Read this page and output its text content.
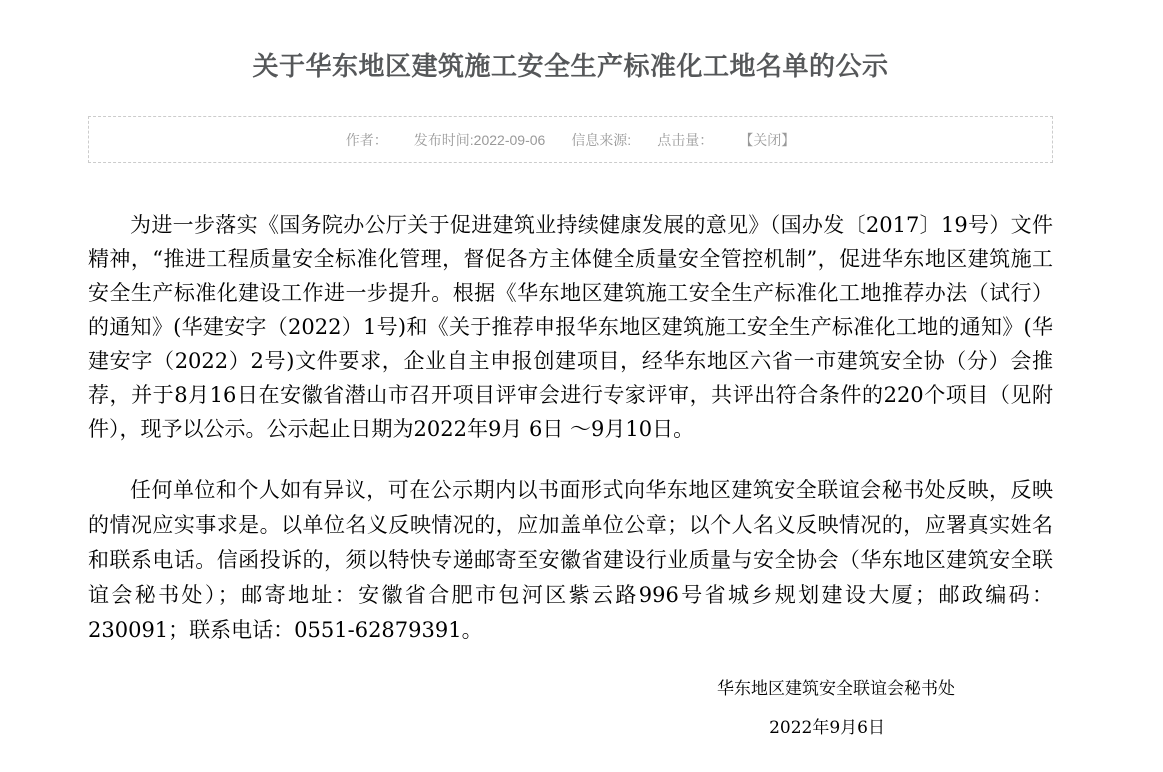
关于华东地区建筑施工安全生产标准化工地名单的公示
作者： 发布时间:2022-09-06 信息来源: 点击量： 【关闭】

为进一步落实《国务院办公厅关于促进建筑业持续健康发展的意见》（国办发〔2017〕19号）文件精神，“推进工程质量安全标准化管理，督促各方主体健全质量安全管控机制”，促进华东地区建筑施工安全生产标准化建设工作进一步提升。根据《华东地区建筑施工安全生产标准化工地推荐办法（试行）的通知》(华建安字（2022）1号)和《关于推荐申报华东地区建筑施工安全生产标准化工地的通知》(华建安字（2022）2号)文件要求，企业自主申报创建项目，经华东地区六省一市建筑安全协（分）会推荐，并于8月16日在安徽省潜山市召开项目评审会进行专家评审，共评出符合条件的220个项目（见附件），现予以公示。公示起止日期为2022年9月 6日 ～9月10日。

任何单位和个人如有异议，可在公示期内以书面形式向华东地区建筑安全联谊会秘书处反映，反映的情况应实事求是。以单位名义反映情况的，应加盖单位公章；以个人名义反映情况的，应署真实姓名和联系电话。信函投诉的，须以特快专递邮寄至安徽省建设行业质量与安全协会（华东地区建筑安全联谊会秘书处）；邮寄地址：安徽省合肥市包河区紫云路996号省城乡规划建设大厦；邮政编码：230091；联系电话：0551-62879391。

华东地区建筑安全联谊会秘书处
2022年9月6日
